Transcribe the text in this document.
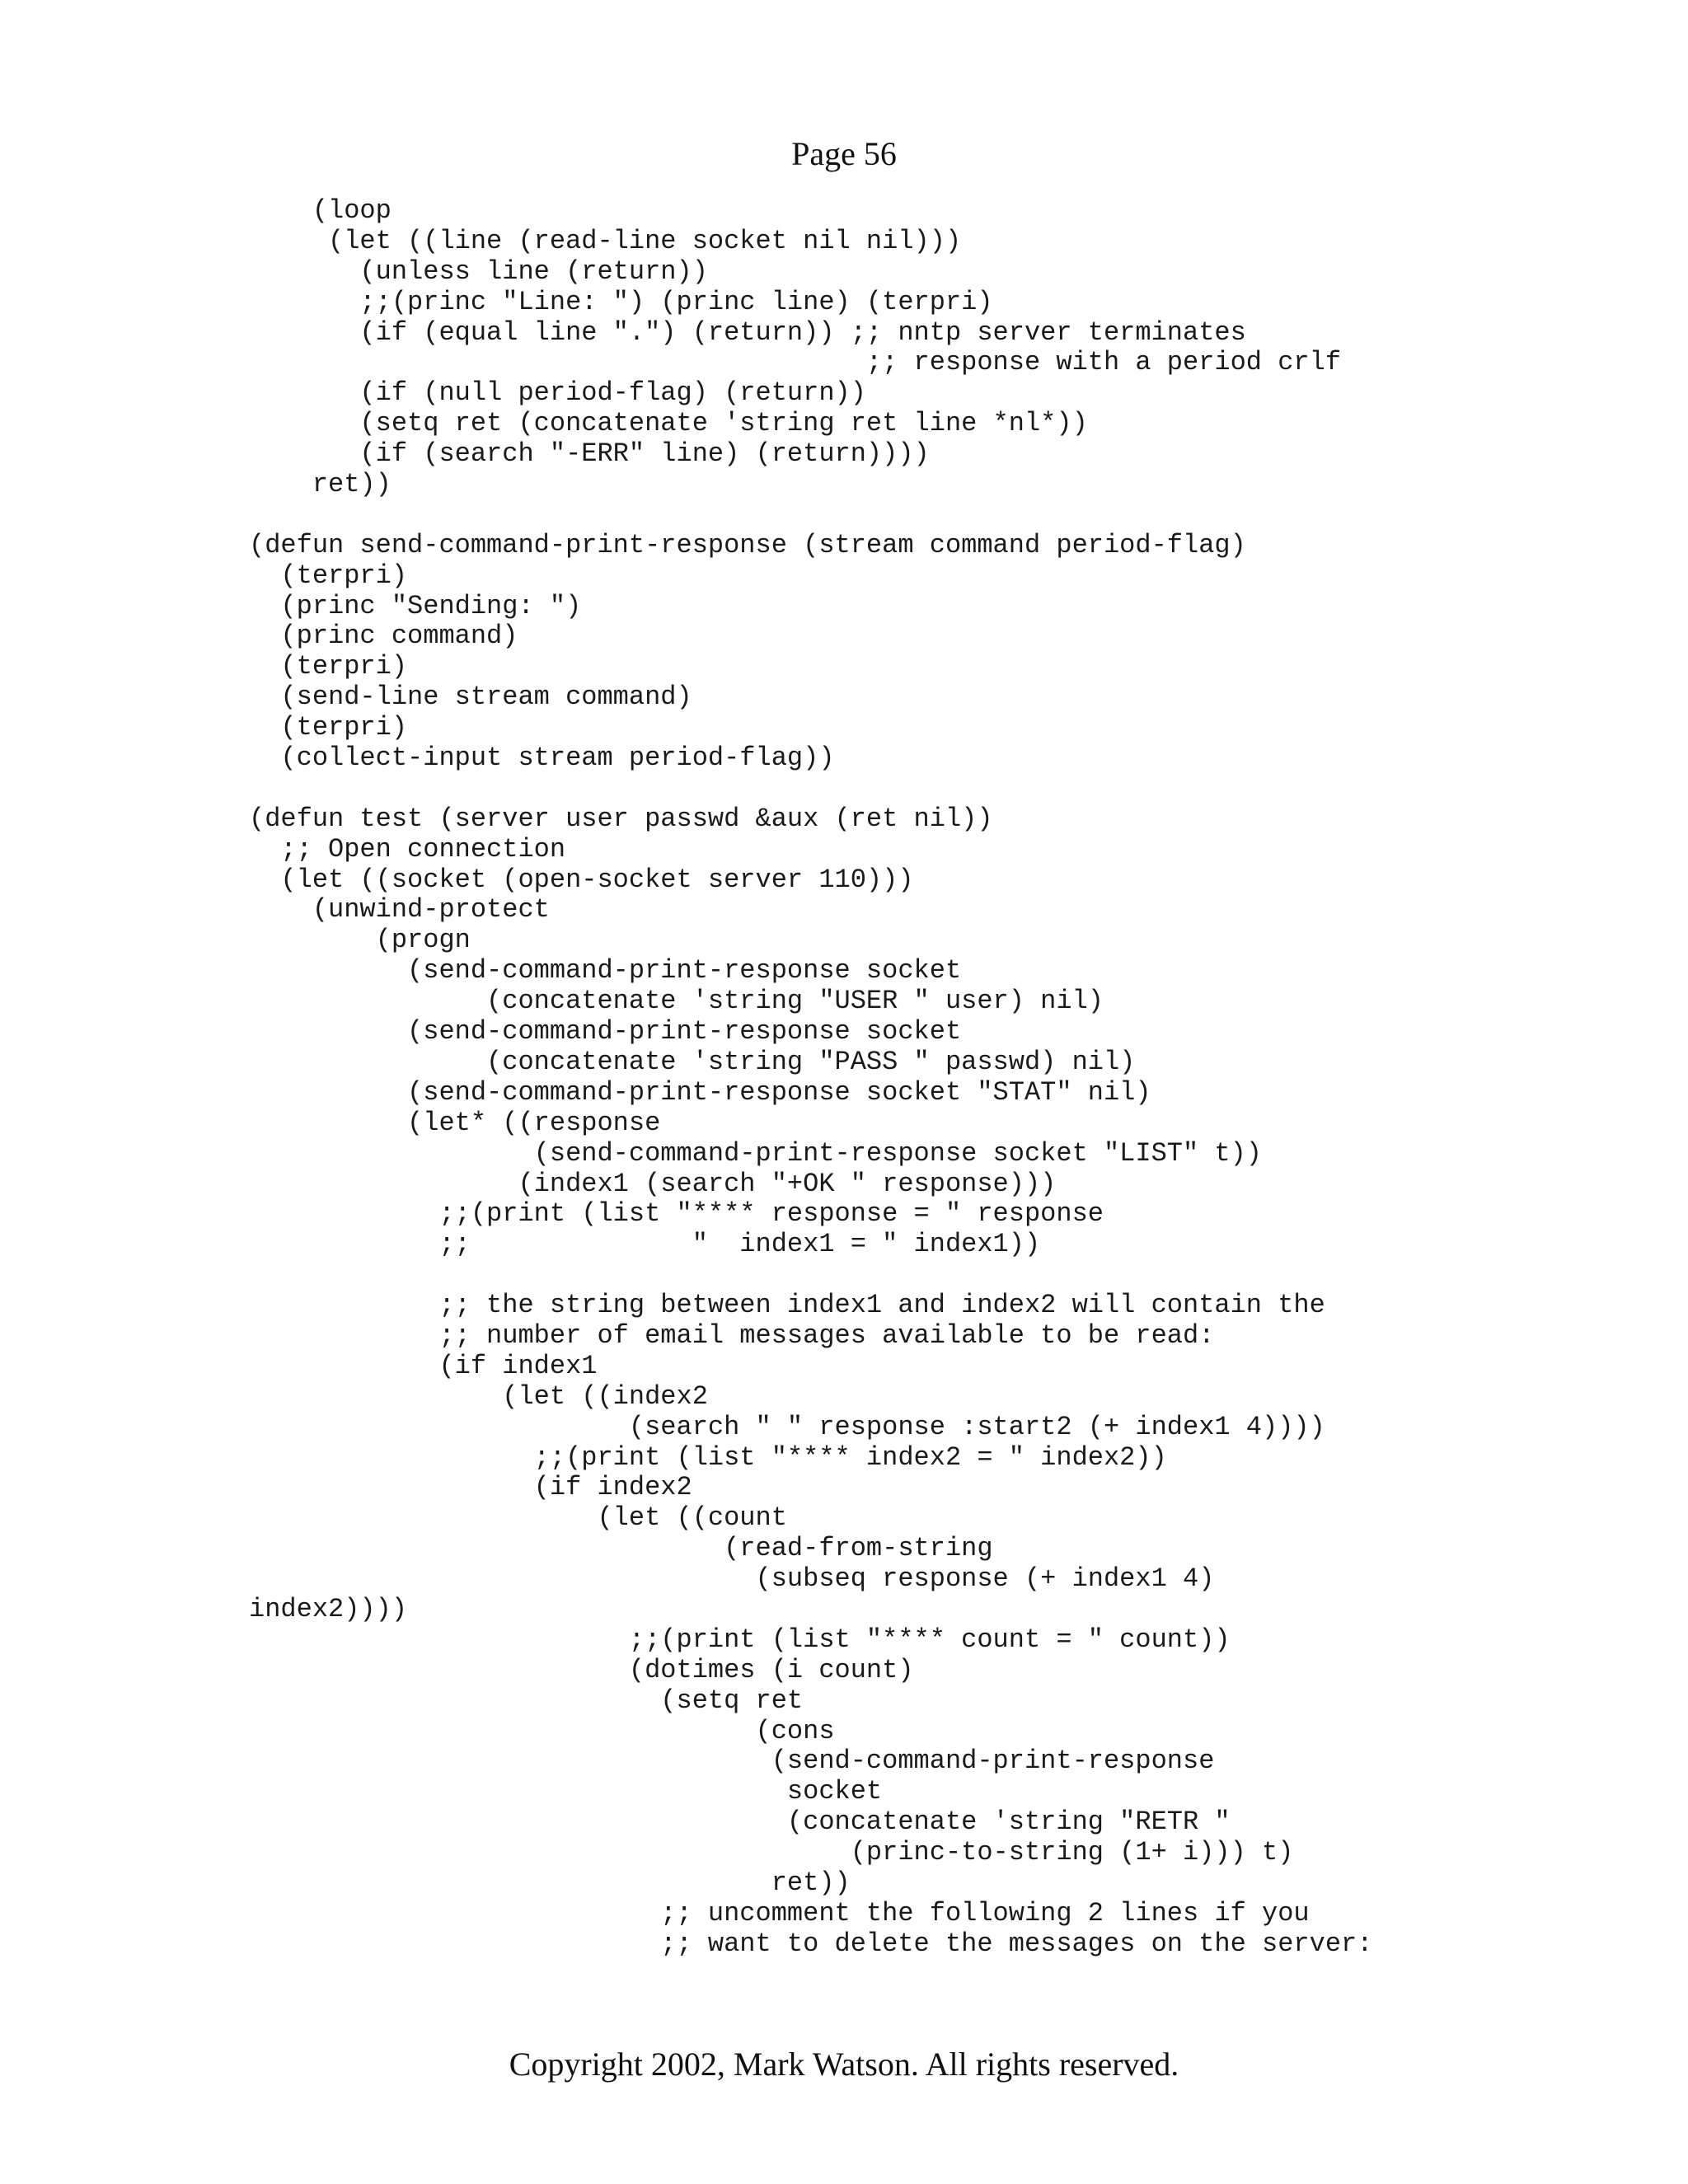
Page 56
(loop
(let ((line (read-line socket nil nil)))
(unless line (return))
;;(princ "Line: ") (princ line) (terpri)
(if (equal line ".") (return)) ;; nntp server terminates
;; response with a period crlf
(if (null period-flag) (return))
(setq ret (concatenate 'string ret line *nl*))
(if (search "-ERR" line) (return))))
ret))
(defun send-command-print-response (stream command period-flag)
(terpri)
(princ "Sending: ")
(princ command)
(terpri)
(send-line stream command)
(terpri)
(collect-input stream period-flag))
(defun test (server user passwd &aux (ret nil))
;; Open connection
(let ((socket (open-socket server 110)))
(unwind-protect
(progn
(send-command-print-response socket
(concatenate 'string "USER " user) nil)
(send-command-print-response socket
(concatenate 'string "PASS " passwd) nil)
(send-command-print-response socket "STAT" nil)
(let* ((response
(send-command-print-response socket "LIST" t))
(index1 (search "+OK " response)))
;;(print (list "**** response = " response
;;              "  index1 = " index1))
;; the string between index1 and index2 will contain the
;; number of email messages available to be read:
(if index1
(let ((index2
(search " " response :start2 (+ index1 4))))
;;(print (list "**** index2 = " index2))
(if index2
(let ((count
(read-from-string
(subseq response (+ index1 4)
index2))))
;;(print (list "**** count = " count))
(dotimes (i count)
(setq ret
(cons
(send-command-print-response
socket
(concatenate 'string "RETR "
(princ-to-string (1+ i))) t)
ret))
;; uncomment the following 2 lines if you
;; want to delete the messages on the server:
Copyright 2002, Mark Watson. All rights reserved.
